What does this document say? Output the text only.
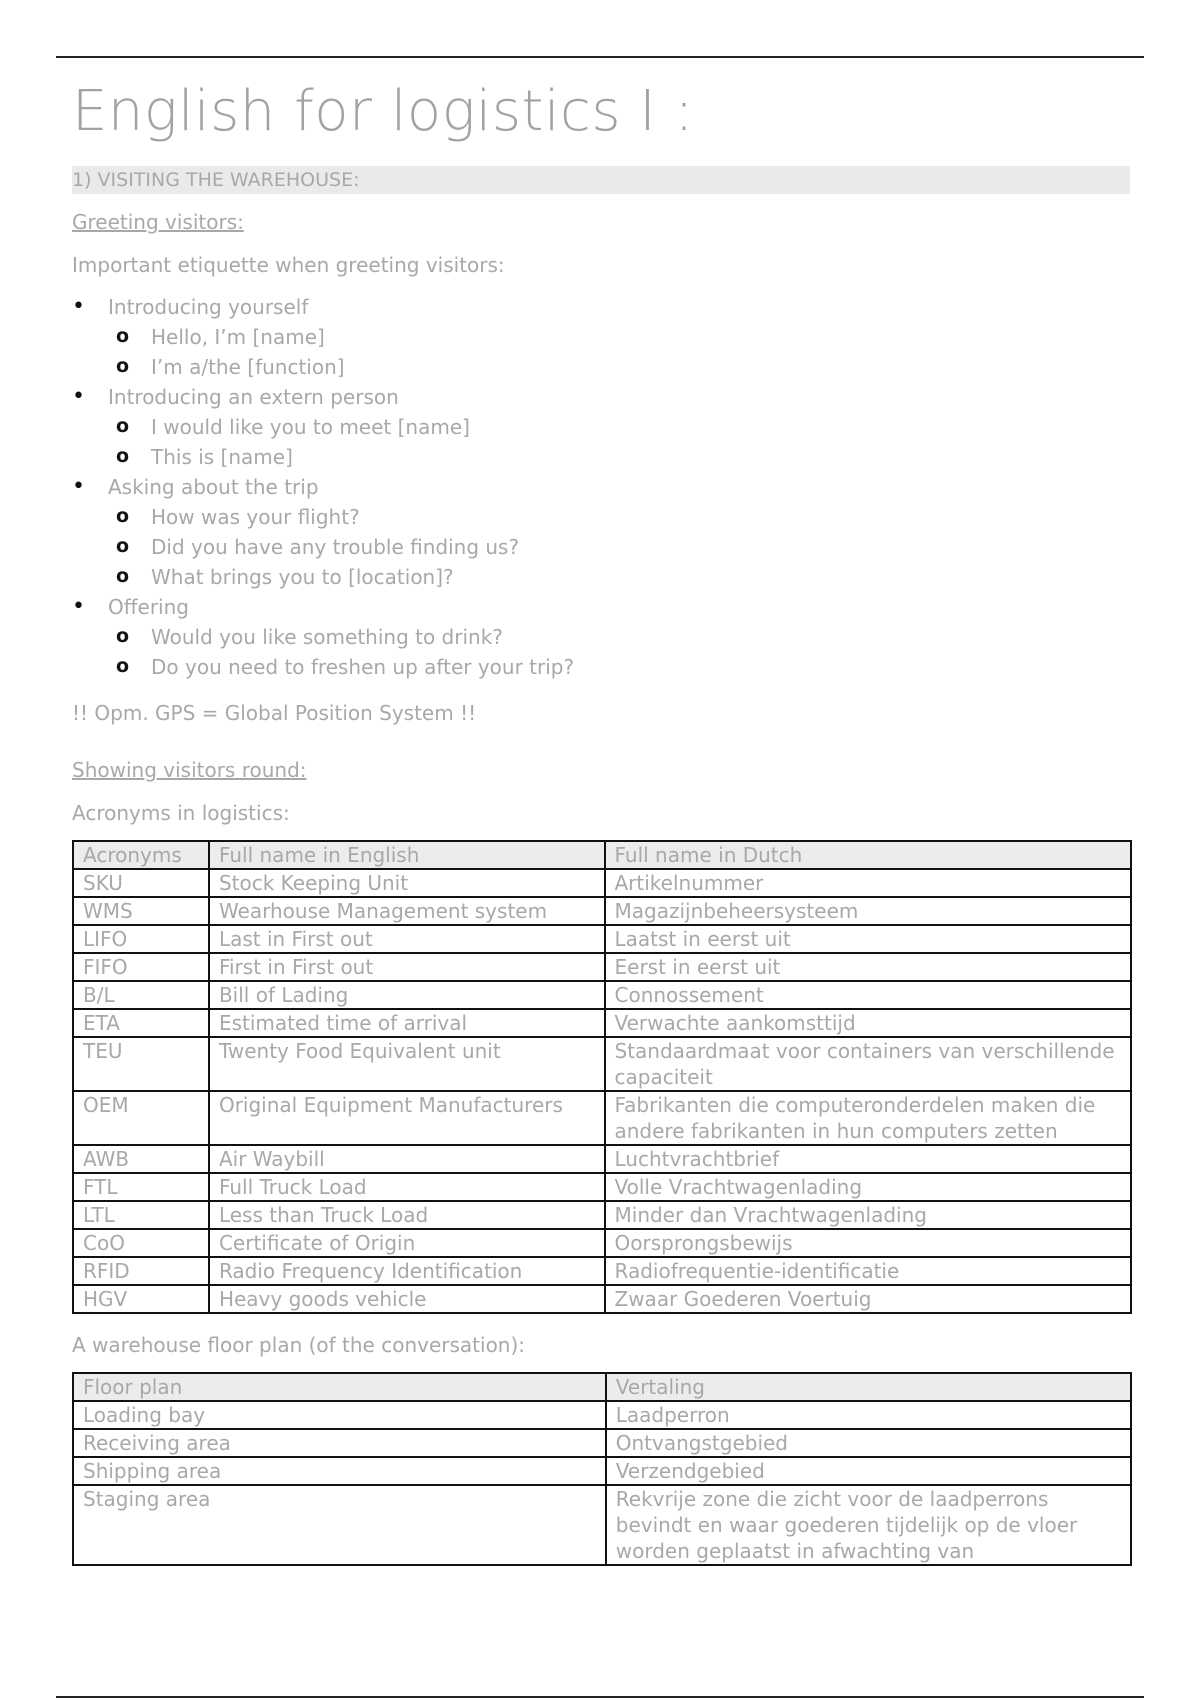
English for logistics I :
1) VISITING THE WAREHOUSE:
Greeting visitors:
Important etiquette when greeting visitors:
• Introducing yourself
o Hello, I’m [name]
o I’m a/the [function]
• Introducing an extern person
o I would like you to meet [name]
o This is [name]
• Asking about the trip
o How was your flight?
o Did you have any trouble finding us?
o What brings you to [location]?
• Offering
o Would you like something to drink?
o Do you need to freshen up after your trip?
!! Opm. GPS = Global Position System !!
Showing visitors round:
Acronyms in logistics:
Acronyms	Full name in English	Full name in Dutch
SKU	Stock Keeping Unit	Artikelnummer
WMS	Wearhouse Management system	Magazijnbeheersysteem
LIFO	Last in First out	Laatst in eerst uit
FIFO	First in First out	Eerst in eerst uit
B/L	Bill of Lading	Connossement
ETA	Estimated time of arrival	Verwachte aankomsttijd
TEU	Twenty Food Equivalent unit	Standaardmaat voor containers van verschillende capaciteit
OEM	Original Equipment Manufacturers	Fabrikanten die computeronderdelen maken die andere fabrikanten in hun computers zetten
AWB	Air Waybill	Luchtvrachtbrief
FTL	Full Truck Load	Volle Vrachtwagenlading
LTL	Less than Truck Load	Minder dan Vrachtwagenlading
CoO	Certificate of Origin	Oorsprongsbewijs
RFID	Radio Frequency Identification	Radiofrequentie-identificatie
HGV	Heavy goods vehicle	Zwaar Goederen Voertuig
A warehouse floor plan (of the conversation):
Floor plan	Vertaling
Loading bay	Laadperron
Receiving area	Ontvangstgebied
Shipping area	Verzendgebied
Staging area	Rekvrije zone die zicht voor de laadperrons bevindt en waar goederen tijdelijk op de vloer worden geplaatst in afwachting van
